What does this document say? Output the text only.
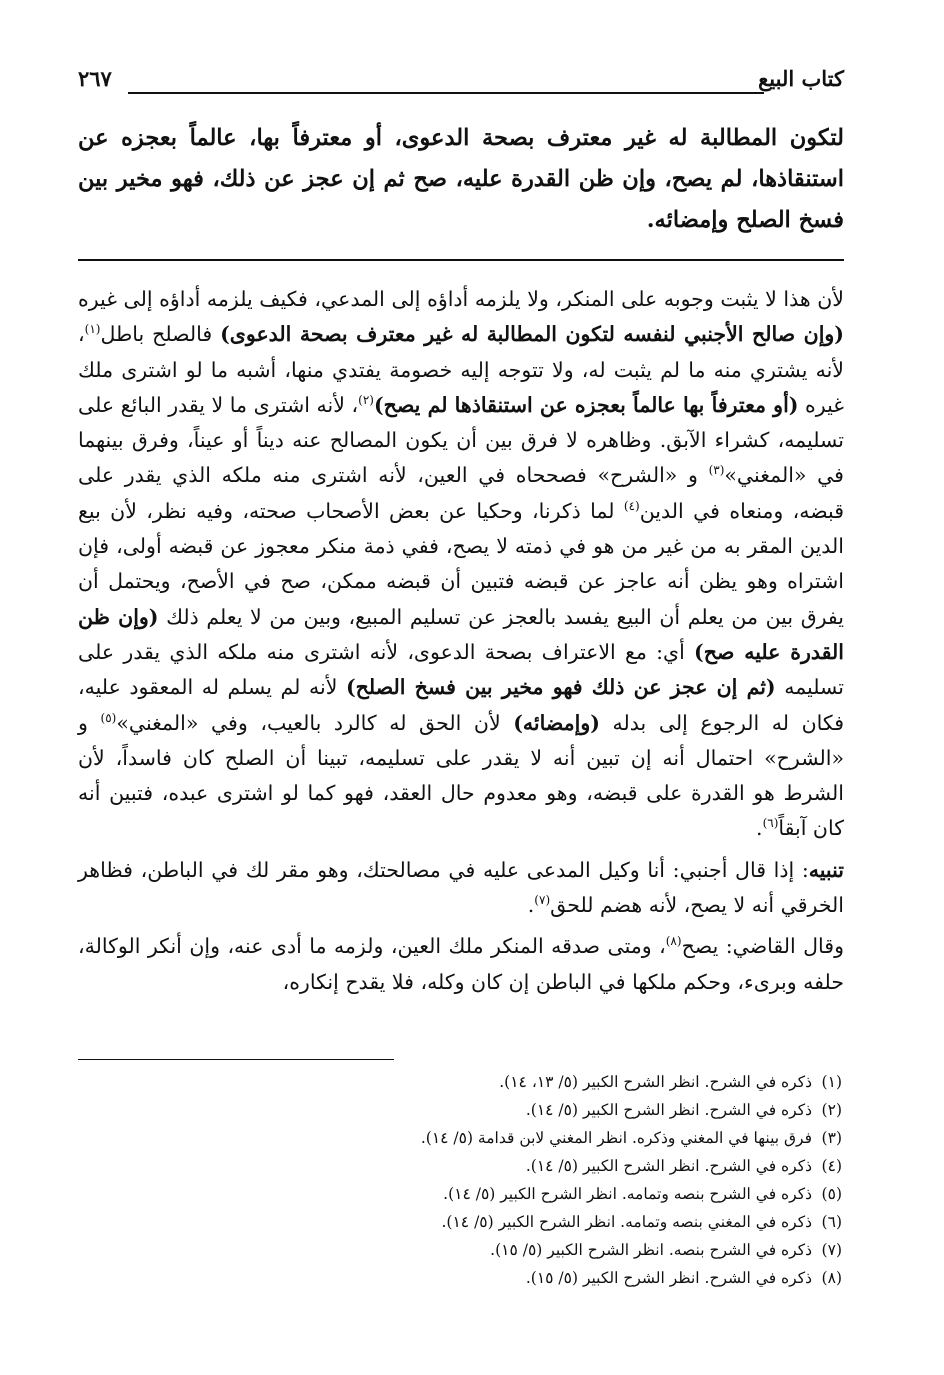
كتاب البيع
٢٦٧

لتكون المطالبة له غير معترف بصحة الدعوى، أو معترفاً بها، عالماً بعجزه عن استنقاذها، لم يصح، وإن ظن القدرة عليه، صح ثم إن عجز عن ذلك، فهو مخير بين فسخ الصلح وإمضائه.

لأن هذا لا يثبت وجوبه على المنكر، ولا يلزمه أداؤه إلى المدعي، فكيف يلزمه أداؤه إلى غيره (وإن صالح الأجنبي لنفسه لتكون المطالبة له غير معترف بصحة الدعوى) فالصلح باطل$^{(١)}$، لأنه يشتري منه ما لم يثبت له، ولا تتوجه إليه خصومة يفتدي منها، أشبه ما لو اشترى ملك غيره (أو معترفاً بها عالماً بعجزه عن استنقاذها لم يصح)$^{(٢)}$، لأنه اشترى ما لا يقدر البائع على تسليمه، كشراء الآبق. وظاهره لا فرق بين أن يكون المصالح عنه ديناً أو عيناً، وفرق بينهما في «المغني»$^{(٣)}$ و «الشرح» فصححاه في العين، لأنه اشترى منه ملكه الذي يقدر على قبضه، ومنعاه في الدين$^{(٤)}$ لما ذكرنا، وحكيا عن بعض الأصحاب صحته، وفيه نظر، لأن بيع الدين المقر به من غير من هو في ذمته لا يصح، ففي ذمة منكر معجوز عن قبضه أولى، فإن اشتراه وهو يظن أنه عاجز عن قبضه فتبين أن قبضه ممكن، صح في الأصح، ويحتمل أن يفرق بين من يعلم أن البيع يفسد بالعجز عن تسليم المبيع، وبين من لا يعلم ذلك (وإن ظن القدرة عليه صح) أي: مع الاعتراف بصحة الدعوى، لأنه اشترى منه ملكه الذي يقدر على تسليمه (ثم إن عجز عن ذلك فهو مخير بين فسخ الصلح) لأنه لم يسلم له المعقود عليه، فكان له الرجوع إلى بدله (وإمضائه) لأن الحق له كالرد بالعيب، وفي «المغني»$^{(٥)}$ و «الشرح» احتمال أنه إن تبين أنه لا يقدر على تسليمه، تبينا أن الصلح كان فاسداً، لأن الشرط هو القدرة على قبضه، وهو معدوم حال العقد، فهو كما لو اشترى عبده، فتبين أنه كان آبقاً$^{(٦)}$.

تنبيه: إذا قال أجنبي: أنا وكيل المدعى عليه في مصالحتك، وهو مقر لك في الباطن، فظاهر الخرقي أنه لا يصح، لأنه هضم للحق$^{(٧)}$.

وقال القاضي: يصح$^{(٨)}$، ومتى صدقه المنكر ملك العين، ولزمه ما أدى عنه، وإن أنكر الوكالة، حلفه وبرىء، وحكم ملكها في الباطن إن كان وكله، فلا يقدح إنكاره،

(١)
ذكره في الشرح. انظر الشرح الكبير (٥/ ١٣، ١٤).
(٢)
ذكره في الشرح. انظر الشرح الكبير (٥/ ١٤).
(٣)
فرق بينها في المغني وذكره. انظر المغني لابن قدامة (٥/ ١٤).
(٤)
ذكره في الشرح. انظر الشرح الكبير (٥/ ١٤).
(٥)
ذكره في الشرح بنصه وتمامه. انظر الشرح الكبير (٥/ ١٤).
(٦)
ذكره في المغني بنصه وتمامه. انظر الشرح الكبير (٥/ ١٤).
(٧)
ذكره في الشرح بنصه. انظر الشرح الكبير (٥/ ١٥).
(٨)
ذكره في الشرح. انظر الشرح الكبير (٥/ ١٥).
